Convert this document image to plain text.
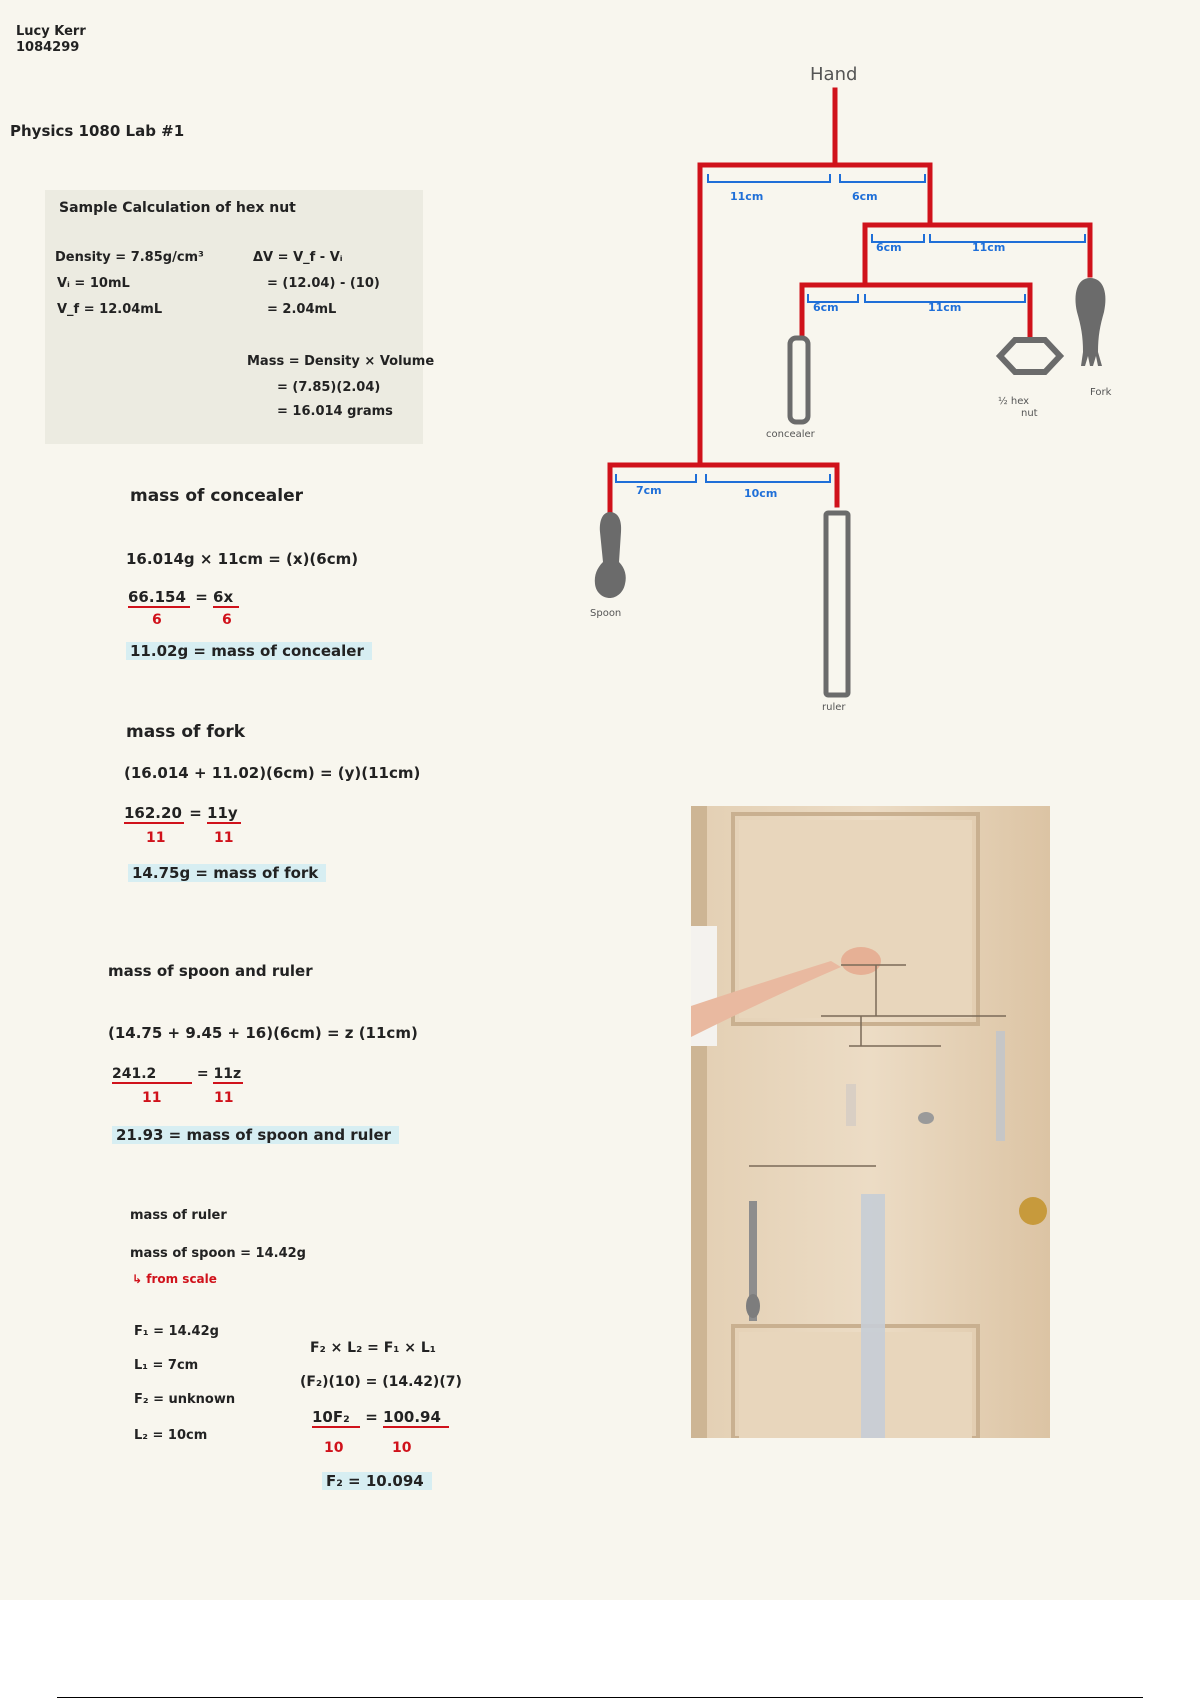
Lucy Kerr
1084299
Physics 1080 Lab #1
Sample Calculation of hex nut
Density = 7.85g/cm³
Vᵢ = 10mL
V_f = 12.04mL
ΔV = V_f - Vᵢ
= (12.04) - (10)
= 2.04mL
Mass = Density × Volume
= (7.85)(2.04)
= 16.014 grams
mass of concealer
16.014g × 11cm = (x)(6cm)
66.154 = 6x
6	6
11.02g = mass of concealer
mass of fork
(16.014 + 11.02)(6cm) = (y)(11cm)
162.20 = 11y
11	11
14.75g = mass of fork
mass of spoon and ruler
(14.75 + 9.45 + 16)(6cm) = z (11cm)
241.2	= 11z
11	11
21.93 = mass of spoon and ruler
mass of ruler
mass of spoon = 14.42g
↳ from scale
F₁ = 14.42g
L₁ = 7cm
F₂ = unknown
L₂ = 10cm
F₂ × L₂ = F₁ × L₁
(F₂)(10) = (14.42)(7)
10F₂ = 100.94
10	10
F₂ = 10.094
Hand
11cm	6cm
6cm	11cm
6cm	11cm
7cm	10cm
concealer
½ hex
nut
Fork
Spoon
ruler
